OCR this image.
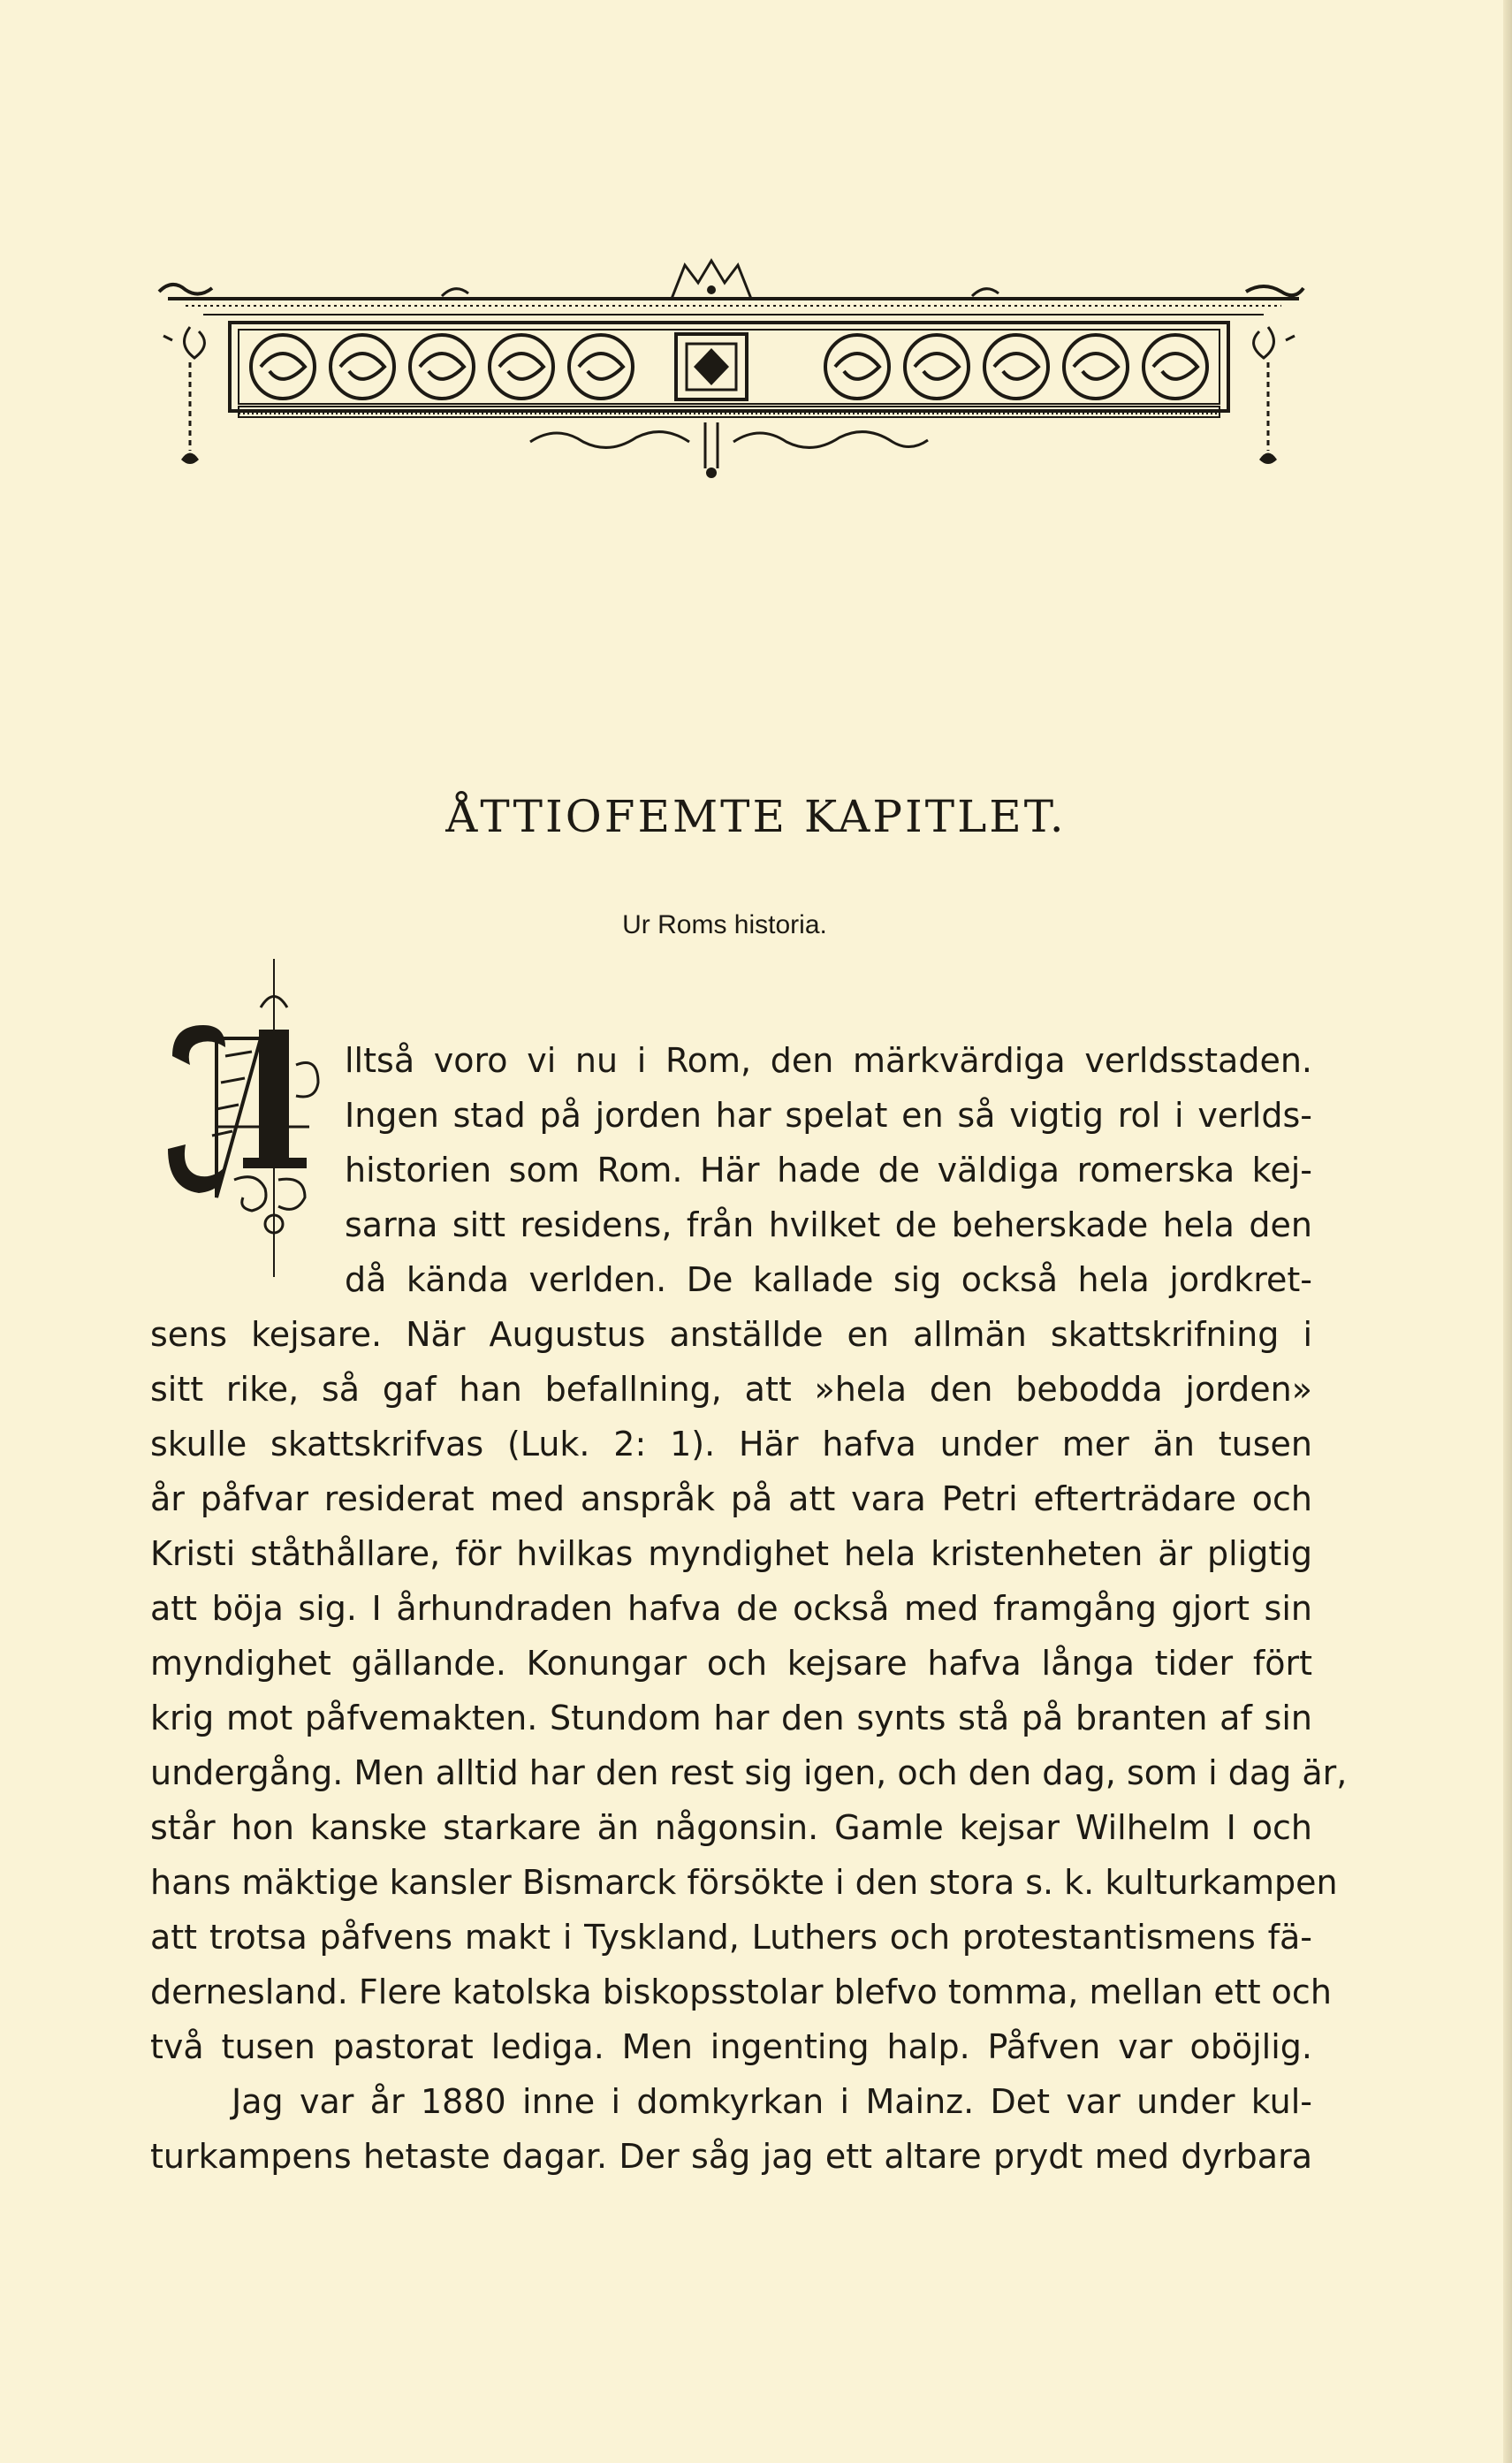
ÅTTIOFEMTE KAPITLET.
Ur Roms historia.
lltså voro vi nu i Rom, den märkvärdiga verldsstaden.
Ingen stad på jorden har spelat en så vigtig rol i verlds-
historien som Rom. Här hade de väldiga romerska kej-
sarna sitt residens, från hvilket de beherskade hela den
då kända verlden. De kallade sig också hela jordkret-
sens kejsare. När Augustus anställde en allmän skattskrifning i
sitt rike, så gaf han befallning, att »hela den bebodda jorden»
skulle skattskrifvas (Luk. 2: 1). Här hafva under mer än tusen
år påfvar residerat med anspråk på att vara Petri efterträdare och
Kristi ståthållare, för hvilkas myndighet hela kristenheten är pligtig
att böja sig. I århundraden hafva de också med framgång gjort sin
myndighet gällande. Konungar och kejsare hafva långa tider fört
krig mot påfvemakten. Stundom har den synts stå på branten af sin
undergång. Men alltid har den rest sig igen, och den dag, som i dag är,
står hon kanske starkare än någonsin. Gamle kejsar Wilhelm I och
hans mäktige kansler Bismarck försökte i den stora s. k. kulturkampen
att trotsa påfvens makt i Tyskland, Luthers och protestantismens fä-
dernesland. Flere katolska biskopsstolar blefvo tomma, mellan ett och
två tusen pastorat lediga. Men ingenting halp. Påfven var oböjlig.
Jag var år 1880 inne i domkyrkan i Mainz. Det var under kul-
turkampens hetaste dagar. Der såg jag ett altare prydt med dyrbara
